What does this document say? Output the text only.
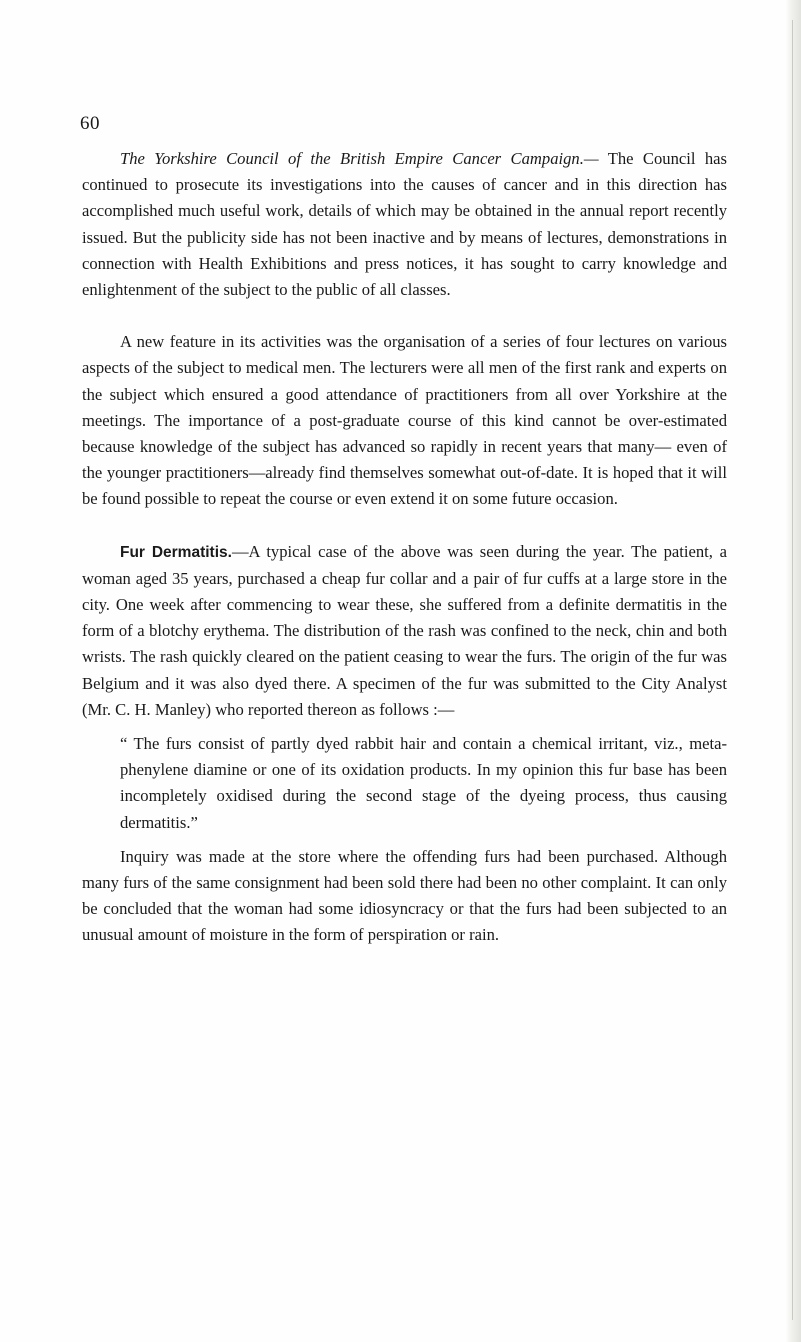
60

The Yorkshire Council of the British Empire Cancer Campaign.— The Council has continued to prosecute its investigations into the causes of cancer and in this direction has accomplished much useful work, details of which may be obtained in the annual report recently issued. But the publicity side has not been inactive and by means of lectures, demonstrations in connection with Health Exhibitions and press notices, it has sought to carry knowledge and enlightenment of the subject to the public of all classes.

A new feature in its activities was the organisation of a series of four lectures on various aspects of the subject to medical men. The lecturers were all men of the first rank and experts on the subject which ensured a good attendance of practitioners from all over Yorkshire at the meetings. The importance of a post-graduate course of this kind cannot be over-estimated because knowledge of the subject has advanced so rapidly in recent years that many— even of the younger practitioners—already find themselves somewhat out-of-date. It is hoped that it will be found possible to repeat the course or even extend it on some future occasion.

Fur Dermatitis.—A typical case of the above was seen during the year. The patient, a woman aged 35 years, purchased a cheap fur collar and a pair of fur cuffs at a large store in the city. One week after commencing to wear these, she suffered from a definite dermatitis in the form of a blotchy erythema. The distribution of the rash was confined to the neck, chin and both wrists. The rash quickly cleared on the patient ceasing to wear the furs. The origin of the fur was Belgium and it was also dyed there. A specimen of the fur was submitted to the City Analyst (Mr. C. H. Manley) who reported thereon as follows :—

“ The furs consist of partly dyed rabbit hair and contain a chemical irritant, viz., meta-phenylene diamine or one of its oxidation products. In my opinion this fur base has been incompletely oxidised during the second stage of the dyeing process, thus causing dermatitis.”

Inquiry was made at the store where the offending furs had been purchased. Although many furs of the same consignment had been sold there had been no other complaint. It can only be concluded that the woman had some idiosyncracy or that the furs had been subjected to an unusual amount of moisture in the form of perspiration or rain.
